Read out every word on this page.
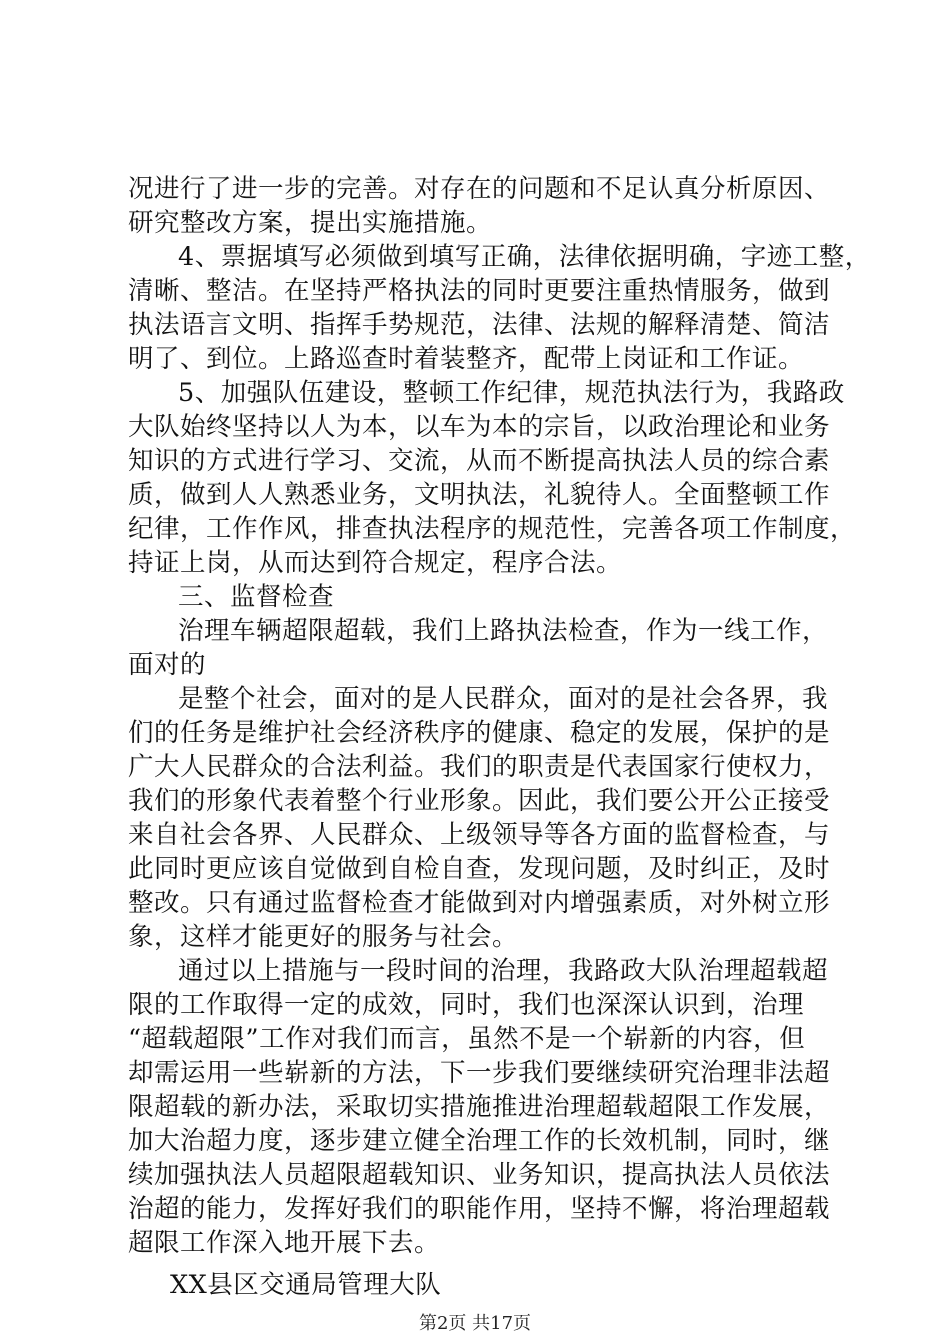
况进行了进一步的完善。对存在的问题和不足认真分析原因、
研究整改方案，提出实施措施。
4、票据填写必须做到填写正确，法律依据明确，字迹工整，
清晰、整洁。在坚持严格执法的同时更要注重热情服务，做到
执法语言文明、指挥手势规范，法律、法规的解释清楚、简洁
明了、到位。上路巡查时着装整齐，配带上岗证和工作证。
5、加强队伍建设，整顿工作纪律，规范执法行为，我路政
大队始终坚持以人为本，以车为本的宗旨，以政治理论和业务
知识的方式进行学习、交流，从而不断提高执法人员的综合素
质，做到人人熟悉业务，文明执法，礼貌待人。全面整顿工作
纪律，工作作风，排查执法程序的规范性，完善各项工作制度，
持证上岗，从而达到符合规定，程序合法。
三、监督检查
治理车辆超限超载，我们上路执法检查，作为一线工作，
面对的
是整个社会，面对的是人民群众，面对的是社会各界，我
们的任务是维护社会经济秩序的健康、稳定的发展，保护的是
广大人民群众的合法利益。我们的职责是代表国家行使权力，
我们的形象代表着整个行业形象。因此，我们要公开公正接受
来自社会各界、人民群众、上级领导等各方面的监督检查，与
此同时更应该自觉做到自检自查，发现问题，及时纠正，及时
整改。只有通过监督检查才能做到对内增强素质，对外树立形
象，这样才能更好的服务与社会。
通过以上措施与一段时间的治理，我路政大队治理超载超
限的工作取得一定的成效，同时，我们也深深认识到，治理
“超载超限”工作对我们而言，虽然不是一个崭新的内容，但
却需运用一些崭新的方法，下一步我们要继续研究治理非法超
限超载的新办法，采取切实措施推进治理超载超限工作发展，
加大治超力度，逐步建立健全治理工作的长效机制，同时，继
续加强执法人员超限超载知识、业务知识，提高执法人员依法
治超的能力，发挥好我们的职能作用，坚持不懈，将治理超载
超限工作深入地开展下去。
XX县区交通局管理大队
第2页 共17页
